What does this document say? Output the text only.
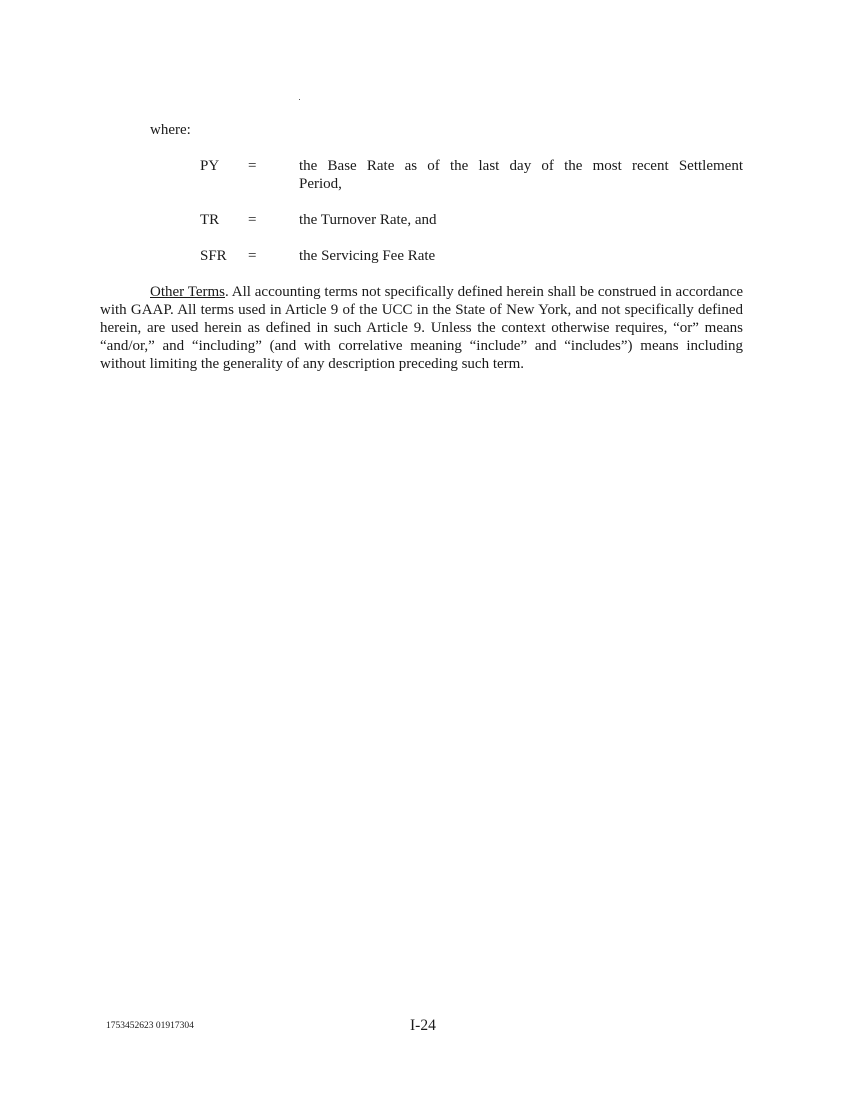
where:
PY =	the Base Rate as of the last day of the most recent Settlement
Period,
TR =	the Turnover Rate, and
SFR =	the Servicing Fee Rate
Other Terms. All accounting terms not specifically defined herein shall be construed in accordance with GAAP. All terms used in Article 9 of the UCC in the State of New York, and not specifically defined herein, are used herein as defined in such Article 9. Unless the context otherwise requires, “or” means “and/or,” and “including” (and with correlative meaning “include” and “includes”) means including without limiting the generality of any description preceding such term.
1753452623 01917304	I-24
